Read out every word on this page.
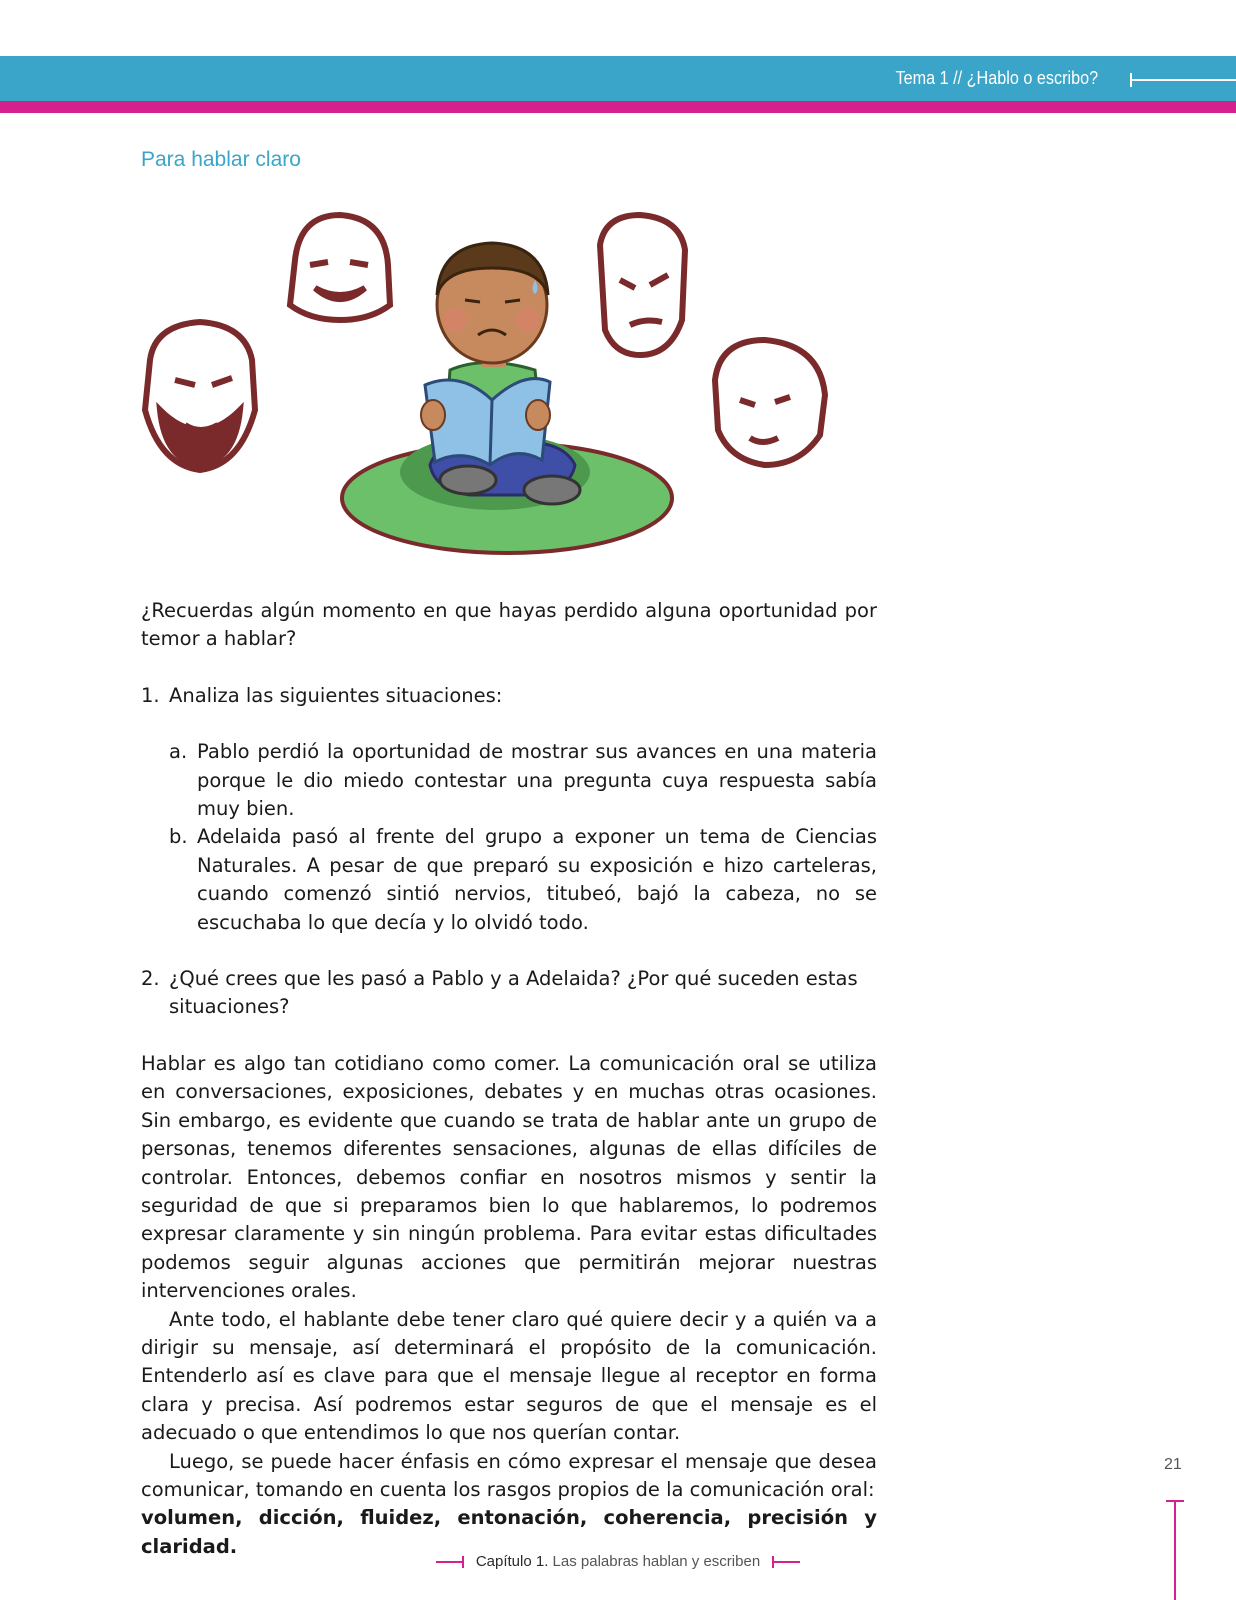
Tema 1 // ¿Hablo o escribo?
Para hablar claro

¿Recuerdas algún momento en que hayas perdido alguna oportunidad por temor a hablar?

1. Analiza las siguientes situaciones:
a. Pablo perdió la oportunidad de mostrar sus avances en una materia porque le dio miedo contestar una pregunta cuya respuesta sabía muy bien.
b. Adelaida pasó al frente del grupo a exponer un tema de Ciencias Naturales. A pesar de que preparó su exposición e hizo carteleras, cuando comenzó sintió nervios, titubeó, bajó la cabeza, no se escuchaba lo que decía y lo olvidó todo.
2. ¿Qué crees que les pasó a Pablo y a Adelaida? ¿Por qué suceden estas situaciones?

Hablar es algo tan cotidiano como comer. La comunicación oral se utiliza en conversaciones, exposiciones, debates y en muchas otras ocasiones. Sin embargo, es evidente que cuando se trata de hablar ante un grupo de personas, tenemos diferentes sensaciones, algunas de ellas difíciles de controlar. Entonces, debemos confiar en nosotros mismos y sentir la seguridad de que si preparamos bien lo que hablaremos, lo podremos expresar claramente y sin ningún problema. Para evitar estas dificultades podemos seguir algunas acciones que permitirán mejorar nuestras intervenciones orales.

Ante todo, el hablante debe tener claro qué quiere decir y a quién va a dirigir su mensaje, así determinará el propósito de la comunicación. Entenderlo así es clave para que el mensaje llegue al receptor en forma clara y precisa. Así podremos estar seguros de que el mensaje es el adecuado o que entendimos lo que nos querían contar.

Luego, se puede hacer énfasis en cómo expresar el mensaje que desea comunicar, tomando en cuenta los rasgos propios de la comunicación oral:

volumen, dicción, fluidez, entonación, coherencia, precisión y claridad.

21
Capítulo 1. Las palabras hablan y escriben
